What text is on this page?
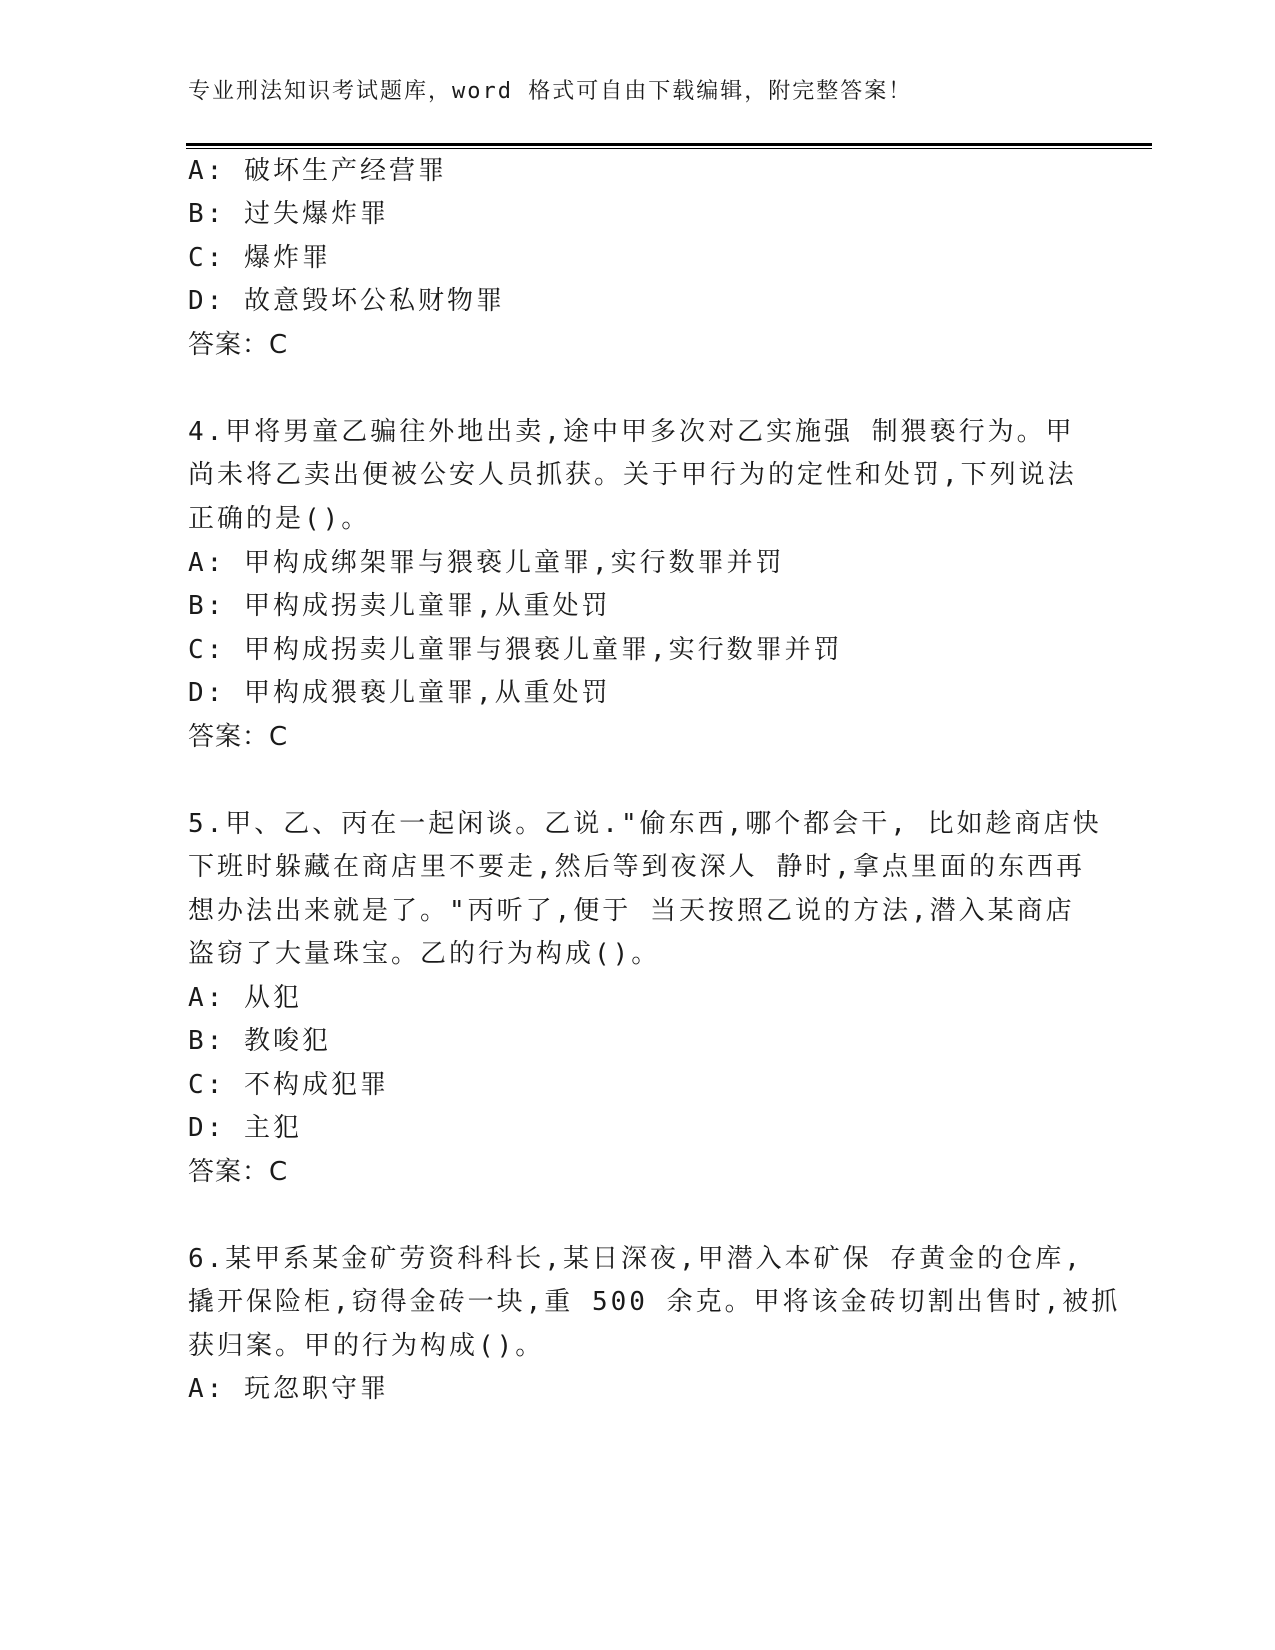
专业刑法知识考试题库，word 格式可自由下载编辑，附完整答案！
A: 破坏生产经营罪
B: 过失爆炸罪
C: 爆炸罪
D: 故意毁坏公私财物罪
答案：C
4.甲将男童乙骗往外地出卖,途中甲多次对乙实施强 制猥亵行为。甲
尚未将乙卖出便被公安人员抓获。关于甲行为的定性和处罚,下列说法
正确的是()。
A: 甲构成绑架罪与猥亵儿童罪,实行数罪并罚
B: 甲构成拐卖儿童罪,从重处罚
C: 甲构成拐卖儿童罪与猥亵儿童罪,实行数罪并罚
D: 甲构成猥亵儿童罪,从重处罚
答案：C
5.甲、乙、丙在一起闲谈。乙说."偷东西,哪个都会干, 比如趁商店快
下班时躲藏在商店里不要走,然后等到夜深人 静时,拿点里面的东西再
想办法出来就是了。"丙听了,便于 当天按照乙说的方法,潜入某商店
盗窃了大量珠宝。乙的行为构成()。
A: 从犯
B: 教唆犯
C: 不构成犯罪
D: 主犯
答案：C
6.某甲系某金矿劳资科科长,某日深夜,甲潜入本矿保 存黄金的仓库,
撬开保险柜,窃得金砖一块,重 500 余克。甲将该金砖切割出售时,被抓
获归案。甲的行为构成()。
A: 玩忽职守罪
